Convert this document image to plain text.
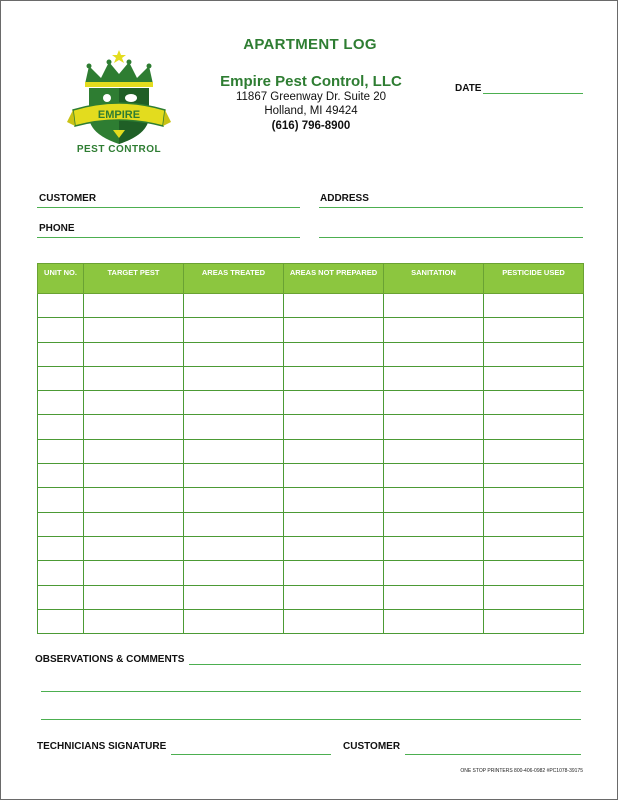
APARTMENT LOG
EMPIRE
PEST CONTROL
Empire Pest Control, LLC
11867 Greenway Dr. Suite 20
Holland, MI 49424
(616) 796-8900
DATE
CUSTOMER	ADDRESS
PHONE
UNIT NO.	TARGET PEST	AREAS TREATED	AREAS NOT PREPARED	SANITATION	PESTICIDE USED

OBSERVATIONS & COMMENTS
TECHNICIANS SIGNATURE	CUSTOMER
ONE STOP PRINTERS 800-406-0982 #PC1078-39175
